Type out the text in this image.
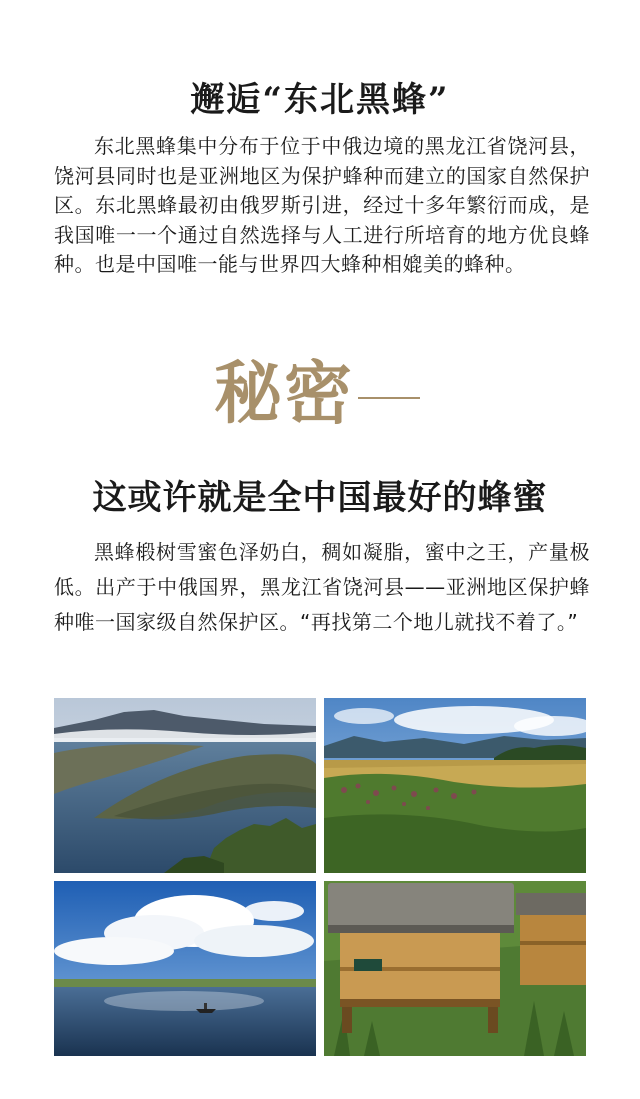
邂逅“东北黑蜂”

东北黑蜂集中分布于位于中俄边境的黑龙江省饶河县，饶河县同时也是亚洲地区为保护蜂种而建立的国家自然保护区。东北黑蜂最初由俄罗斯引进，经过十多年繁衍而成，是我国唯一一个通过自然选择与人工进行所培育的地方优良蜂种。也是中国唯一能与世界四大蜂种相媲美的蜂种。

秘密
这或许就是全中国最好的蜂蜜

黑蜂椴树雪蜜色泽奶白，稠如凝脂，蜜中之王，产量极低。出产于中俄国界，黑龙江省饶河县——亚洲地区保护蜂种唯一国家级自然保护区。“再找第二个地儿就找不着了。”
